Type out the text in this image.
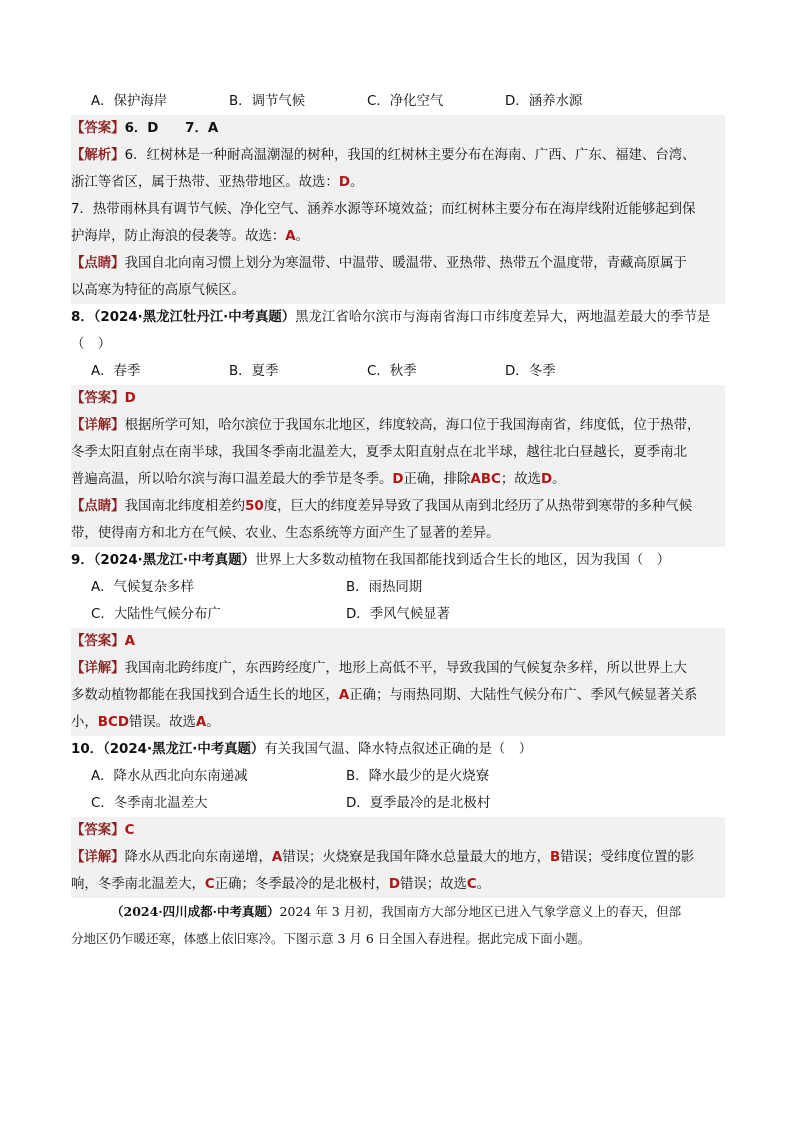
A．保护海岸	B．调节气候	C．净化空气	D．涵养水源
【答案】6．D　　7．A
【解析】6．红树林是一种耐高温潮湿的树种，我国的红树林主要分布在海南、广西、广东、福建、台湾、
浙江等省区，属于热带、亚热带地区。故选：D。
7．热带雨林具有调节气候、净化空气、涵养水源等环境效益；而红树林主要分布在海岸线附近能够起到保
护海岸，防止海浪的侵袭等。故选：A。
【点睛】我国自北向南习惯上划分为寒温带、中温带、暖温带、亚热带、热带五个温度带，青藏高原属于
以高寒为特征的高原气候区。
8．（2024·黑龙江牡丹江·中考真题）黑龙江省哈尔滨市与海南省海口市纬度差异大，两地温差最大的季节是
（　）
A．春季	B．夏季	C．秋季	D．冬季
【答案】D
【详解】根据所学可知，哈尔滨位于我国东北地区，纬度较高，海口位于我国海南省，纬度低，位于热带，
冬季太阳直射点在南半球，我国冬季南北温差大，夏季太阳直射点在北半球，越往北白昼越长，夏季南北
普遍高温，所以哈尔滨与海口温差最大的季节是冬季。D正确，排除ABC；故选D。
【点睛】我国南北纬度相差约50度，巨大的纬度差异导致了我国从南到北经历了从热带到寒带的多种气候
带，使得南方和北方在气候、农业、生态系统等方面产生了显著的差异。
9．（2024·黑龙江·中考真题）世界上大多数动植物在我国都能找到适合生长的地区，因为我国（　）
A．气候复杂多样	B．雨热同期
C．大陆性气候分布广	D．季风气候显著
【答案】A
【详解】我国南北跨纬度广，东西跨经度广，地形上高低不平，导致我国的气候复杂多样，所以世界上大
多数动植物都能在我国找到合适生长的地区，A正确；与雨热同期、大陆性气候分布广、季风气候显著关系
小，BCD错误。故选A。
10．（2024·黑龙江·中考真题）有关我国气温、降水特点叙述正确的是（　）
A．降水从西北向东南递减	B．降水最少的是火烧寮
C．冬季南北温差大	D．夏季最冷的是北极村
【答案】C
【详解】降水从西北向东南递增，A错误；火烧寮是我国年降水总量最大的地方，B错误；受纬度位置的影
响，冬季南北温差大，C正确；冬季最冷的是北极村，D错误；故选C。
（2024·四川成都·中考真题）2024 年 3 月初，我国南方大部分地区已进入气象学意义上的春天，但部
分地区仍乍暖还寒，体感上依旧寒冷。下图示意 3 月 6 日全国入春进程。据此完成下面小题。
